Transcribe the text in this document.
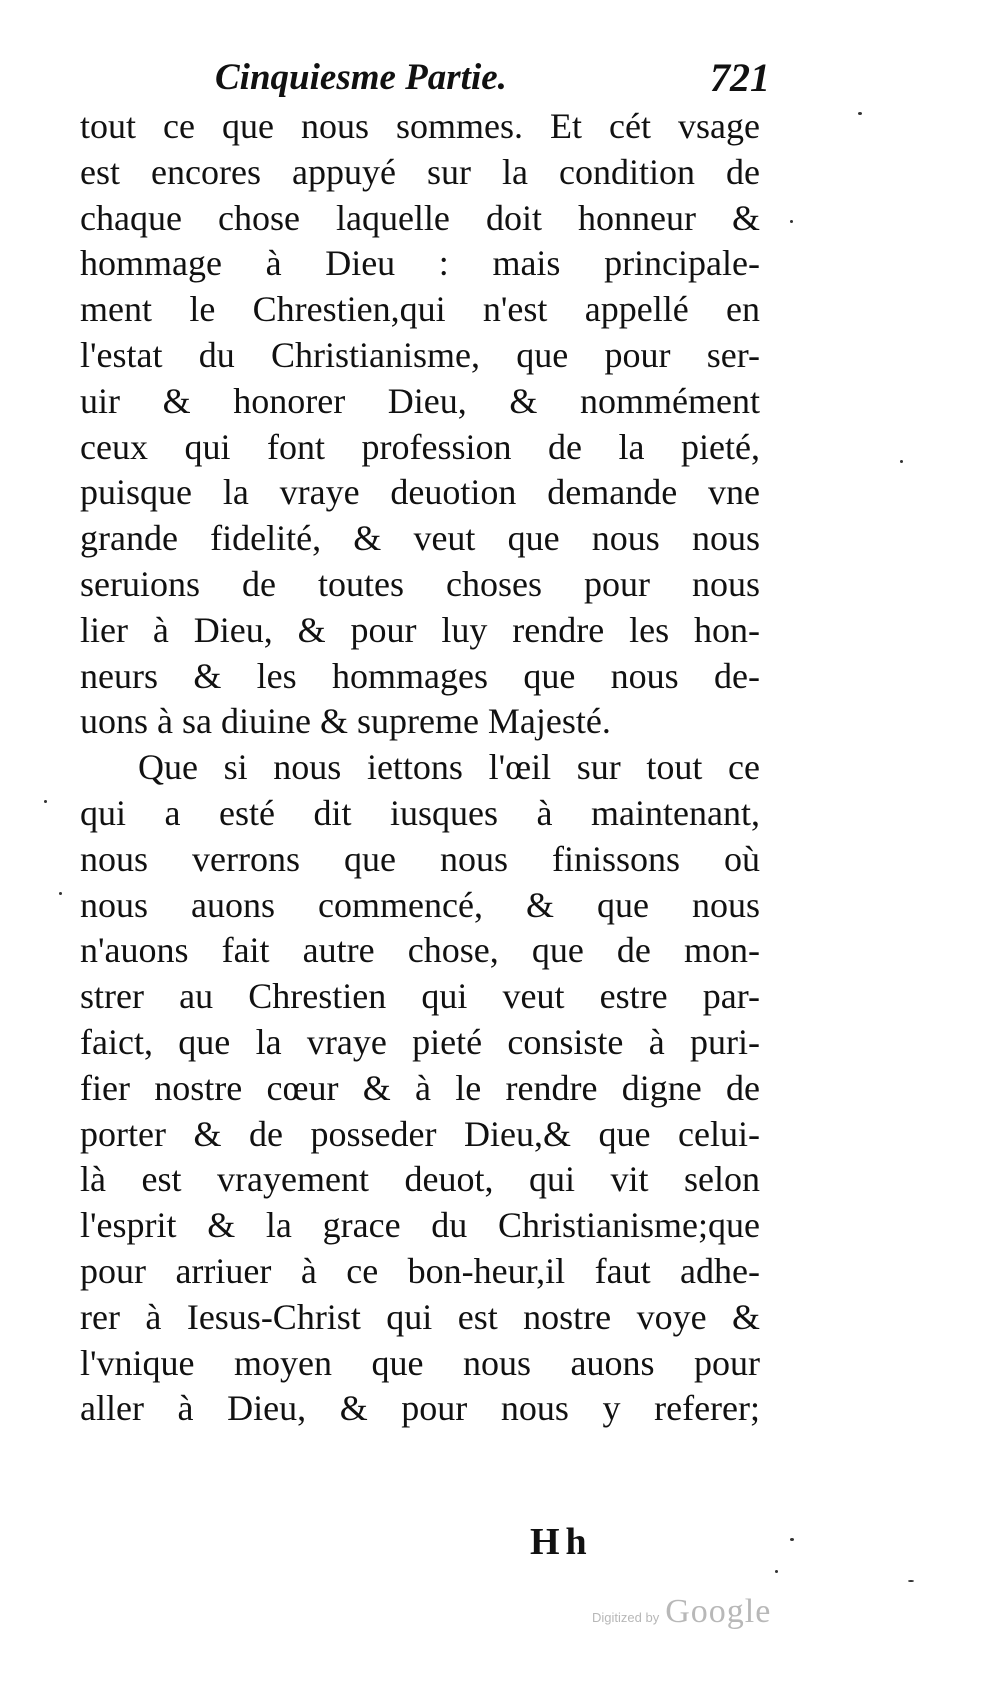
Cinquiesme Partie.	721
tout ce que nous sommes. Et cét vsage
est encores appuyé sur la condition de
chaque chose laquelle doit honneur &
hommage à Dieu : mais principale-
ment le Chrestien,qui n'est appellé en
l'estat du Christianisme, que pour ser-
uir & honorer Dieu, & nommément
ceux qui font profession de la pieté,
puisque la vraye deuotion demande vne
grande fidelité, & veut que nous nous
seruions de toutes choses pour nous
lier à Dieu, & pour luy rendre les hon-
neurs & les hommages que nous de-
uons à sa diuine & supreme Majesté.
Que si nous iettons l'œil sur tout ce
qui a esté dit iusques à maintenant,
nous verrons que nous finissons où
nous auons commencé, & que nous
n'auons fait autre chose, que de mon-
strer au Chrestien qui veut estre par-
faict, que la vraye pieté consiste à puri-
fier nostre cœur & à le rendre digne de
porter & de posseder Dieu,& que celui-
là est vrayement deuot, qui vit selon
l'esprit & la grace du Christianisme;que
pour arriuer à ce bon-heur,il faut adhe-
rer à Iesus-Christ qui est nostre voye &
l'vnique moyen que nous auons pour
aller à Dieu, & pour nous y referer;
Hh
Digitized by Google
